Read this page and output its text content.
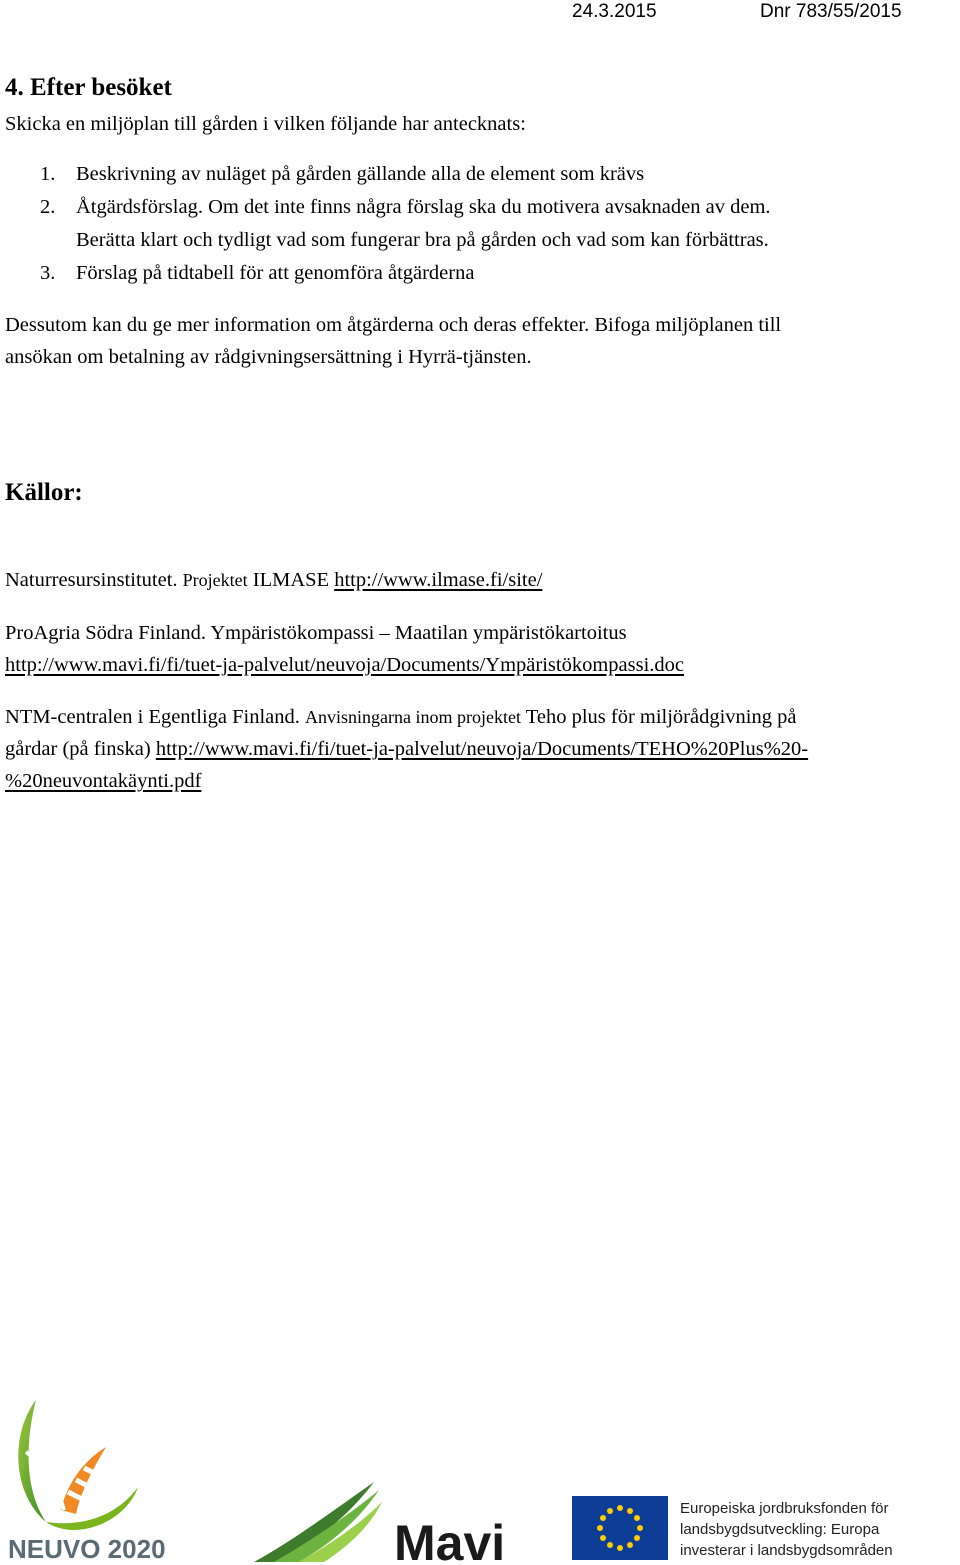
24.3.2015	Dnr 783/55/2015
4. Efter besöket
Skicka en miljöplan till gården i vilken följande har antecknats:
1. Beskrivning av nuläget på gården gällande alla de element som krävs
2. Åtgärdsförslag. Om det inte finns några förslag ska du motivera avsaknaden av dem.
Berätta klart och tydligt vad som fungerar bra på gården och vad som kan förbättras.
3. Förslag på tidtabell för att genomföra åtgärderna
Dessutom kan du ge mer information om åtgärderna och deras effekter. Bifoga miljöplanen till
ansökan om betalning av rådgivningsersättning i Hyrrä-tjänsten.
Källor:
Naturresursinstitutet. Projektet ILMASE http://www.ilmase.fi/site/
ProAgria Södra Finland. Ympäristökompassi – Maatilan ympäristökartoitus
http://www.mavi.fi/fi/tuet-ja-palvelut/neuvoja/Documents/Ympäristökompassi.doc
NTM-centralen i Egentliga Finland. Anvisningarna inom projektet Teho plus för miljörådgivning på
gårdar (på finska) http://www.mavi.fi/fi/tuet-ja-palvelut/neuvoja/Documents/TEHO%20Plus%20-
%20neuvontakäynti.pdf
NEUVO 2020	Mavi
Europeiska jordbruksfonden för
landsbygdsutveckling: Europa
investerar i landsbygdsområden
